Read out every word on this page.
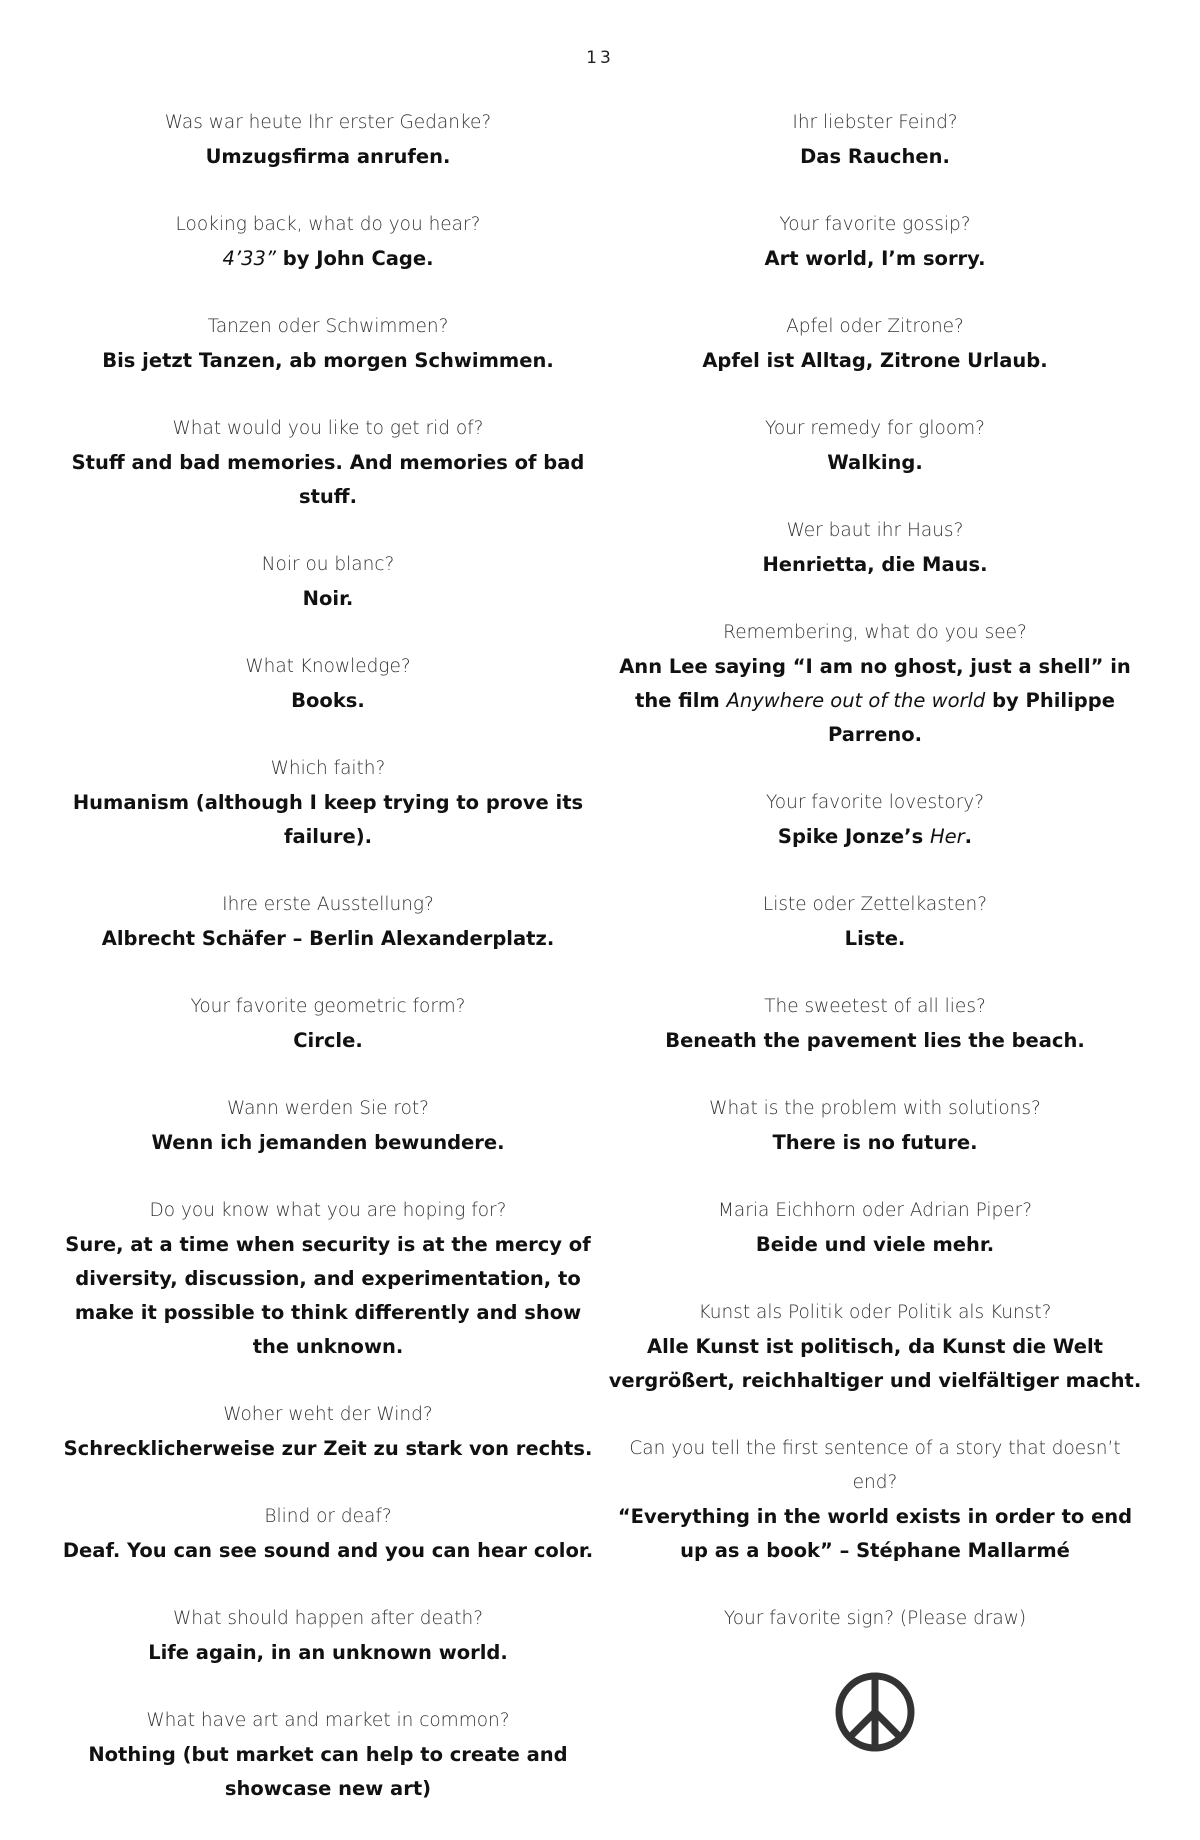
13
Was war heute Ihr erster Gedanke?
Umzugsfirma anrufen.
Looking back, what do you hear?
4’33” by John Cage.
Tanzen oder Schwimmen?
Bis jetzt Tanzen, ab morgen Schwimmen.
What would you like to get rid of?
Stuff and bad memories. And memories of bad stuff.
Noir ou blanc?
Noir.
What Knowledge?
Books.
Which faith?
Humanism (although I keep trying to prove its failure).
Ihre erste Ausstellung?
Albrecht Schäfer – Berlin Alexanderplatz.
Your favorite geometric form?
Circle.
Wann werden Sie rot?
Wenn ich jemanden bewundere.
Do you know what you are hoping for?
Sure, at a time when security is at the mercy of diversity, discussion, and experimentation, to make it possible to think differently and show the unknown.
Woher weht der Wind?
Schrecklicherweise zur Zeit zu stark von rechts.
Blind or deaf?
Deaf. You can see sound and you can hear color.
What should happen after death?
Life again, in an unknown world.
What have art and market in common?
Nothing (but market can help to create and showcase new art)
Ihr liebster Feind?
Das Rauchen.
Your favorite gossip?
Art world, I’m sorry.
Apfel oder Zitrone?
Apfel ist Alltag, Zitrone Urlaub.
Your remedy for gloom?
Walking.
Wer baut ihr Haus?
Henrietta, die Maus.
Remembering, what do you see?
Ann Lee saying “I am no ghost, just a shell” in the film Anywhere out of the world by Philippe Parreno.
Your favorite lovestory?
Spike Jonze’s Her.
Liste oder Zettelkasten?
Liste.
The sweetest of all lies?
Beneath the pavement lies the beach.
What is the problem with solutions?
There is no future.
Maria Eichhorn oder Adrian Piper?
Beide und viele mehr.
Kunst als Politik oder Politik als Kunst?
Alle Kunst ist politisch, da Kunst die Welt vergrößert, reichhaltiger und vielfältiger macht.
Can you tell the first sentence of a story that doesn’t end?
“Everything in the world exists in order to end up as a book” – Stéphane Mallarmé
Your favorite sign? (Please draw)
